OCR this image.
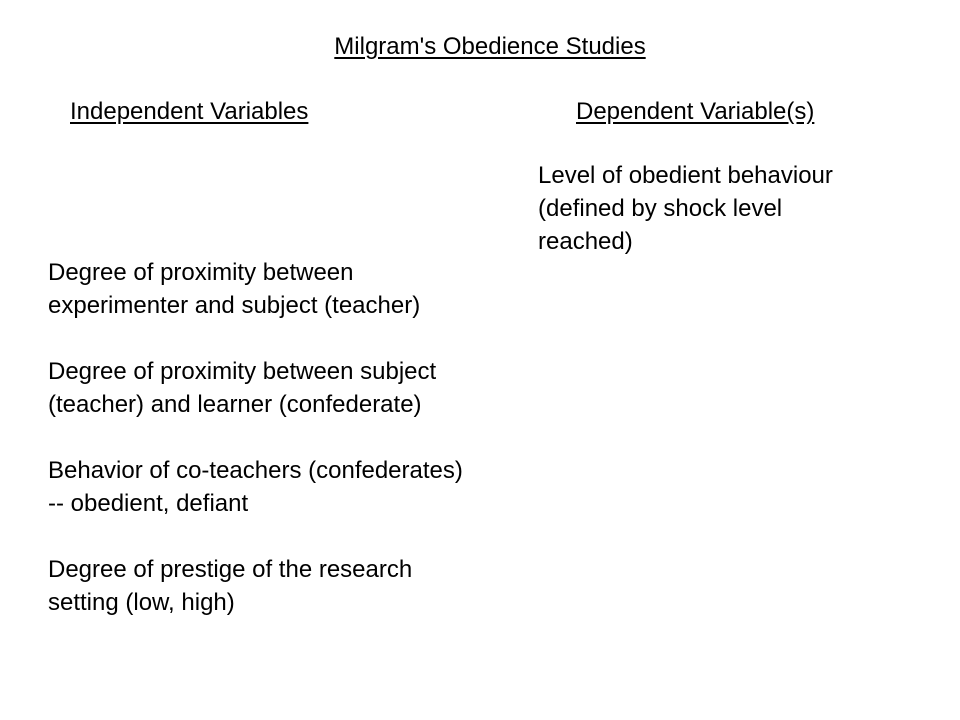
Milgram's Obedience Studies
Independent Variables	Dependent Variable(s)
Level of obedient behaviour
(defined by shock level
reached)
Degree of proximity between
experimenter and subject (teacher)
Degree of proximity between subject
(teacher) and learner (confederate)
Behavior of co-teachers (confederates)
-- obedient, defiant
Degree of prestige of the research
setting (low, high)
